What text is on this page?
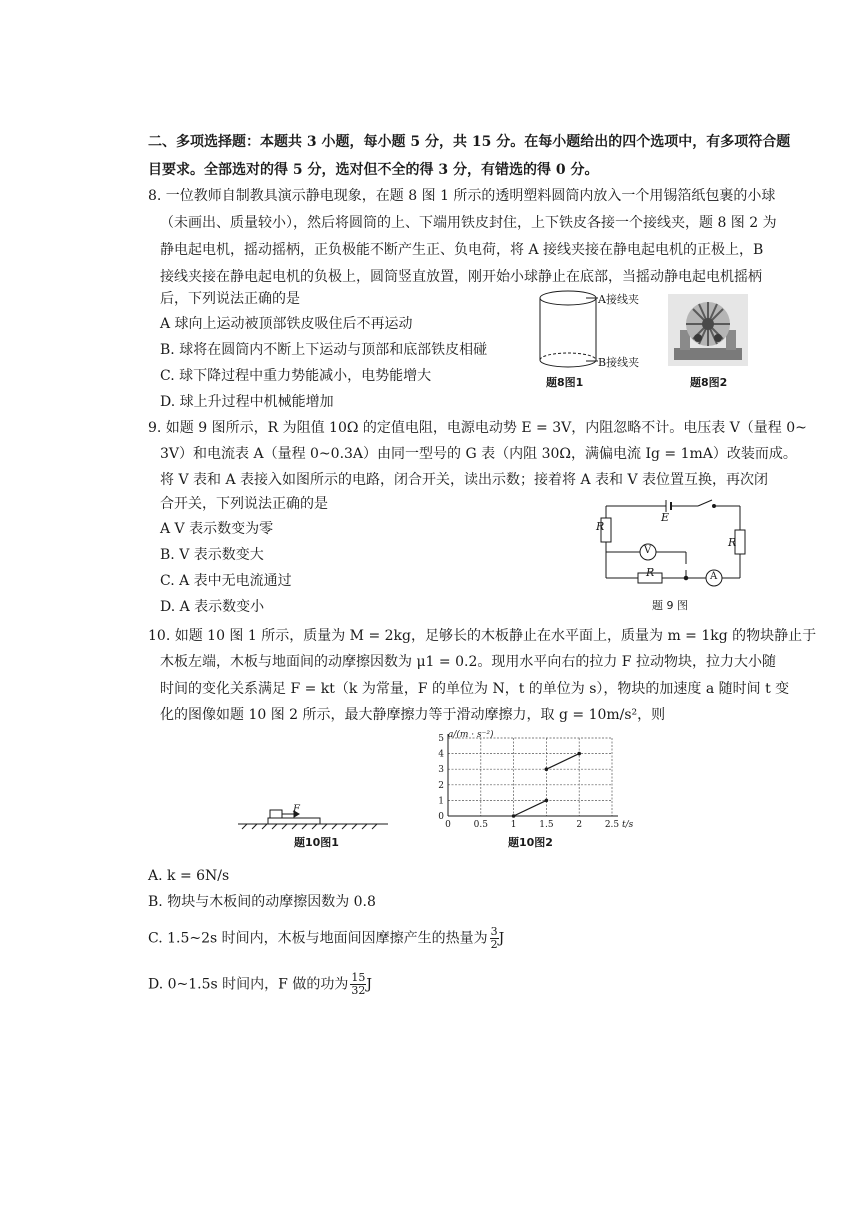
二、多项选择题：本题共 3 小题，每小题 5 分，共 15 分。在每小题给出的四个选项中，有多项符合题
目要求。全部选对的得 5 分，选对但不全的得 3 分，有错选的得 0 分。
8. 一位教师自制教具演示静电现象，在题 8 图 1 所示的透明塑料圆筒内放入一个用锡箔纸包裹的小球
（未画出、质量较小），然后将圆筒的上、下端用铁皮封住，上下铁皮各接一个接线夹，题 8 图 2 为
静电起电机，摇动摇柄，正负极能不断产生正、负电荷，将 A 接线夹接在静电起电机的正极上，B
接线夹接在静电起电机的负极上，圆筒竖直放置，刚开始小球静止在底部，当摇动静电起电机摇柄
后，下列说法正确的是
A 球向上运动被顶部铁皮吸住后不再运动
B. 球将在圆筒内不断上下运动与顶部和底部铁皮相碰
C. 球下降过程中重力势能减小，电势能增大
D. 球上升过程中机械能增加
A接线夹
B接线夹
题8图1	题8图2
9. 如题 9 图所示，R 为阻值 10Ω 的定值电阻，电源电动势 E = 3V，内阻忽略不计。电压表 V（量程 0~
3V）和电流表 A（量程 0~0.3A）由同一型号的 G 表（内阻 30Ω，满偏电流 Ig = 1mA）改装而成。
将 V 表和 A 表接入如图所示的电路，闭合开关，读出示数；接着将 A 表和 V 表位置互换，再次闭
合开关，下列说法正确的是
A V 表示数变为零
B. V 表示数变大
C. A 表中无电流通过
D. A 表示数变小
E
R
R
R
V
A
题 9 图
10. 如题 10 图 1 所示，质量为 M = 2kg，足够长的木板静止在水平面上，质量为 m = 1kg 的物块静止于
木板左端，木板与地面间的动摩擦因数为 μ1 = 0.2。现用水平向右的拉力 F 拉动物块，拉力大小随
时间的变化关系满足 F = kt（k 为常量，F 的单位为 N，t 的单位为 s），物块的加速度 a 随时间 t 变
化的图像如题 10 图 2 所示，最大静摩擦力等于滑动摩擦力，取 g = 10m/s²，则
F
题10图1
0
1
2
3
4
5
0	0.5	1	1.5	2	2.5
a/(m · s⁻²)
t/s
题10图2
A. k = 6N/s
B. 物块与木板间的动摩擦因数为 0.8
C. 1.5~2s 时间内，木板与地面间因摩擦产生的热量为 $\frac{3}{2}$ J
D. 0~1.5s 时间内，F 做的功为 $\frac{15}{32}$ J
